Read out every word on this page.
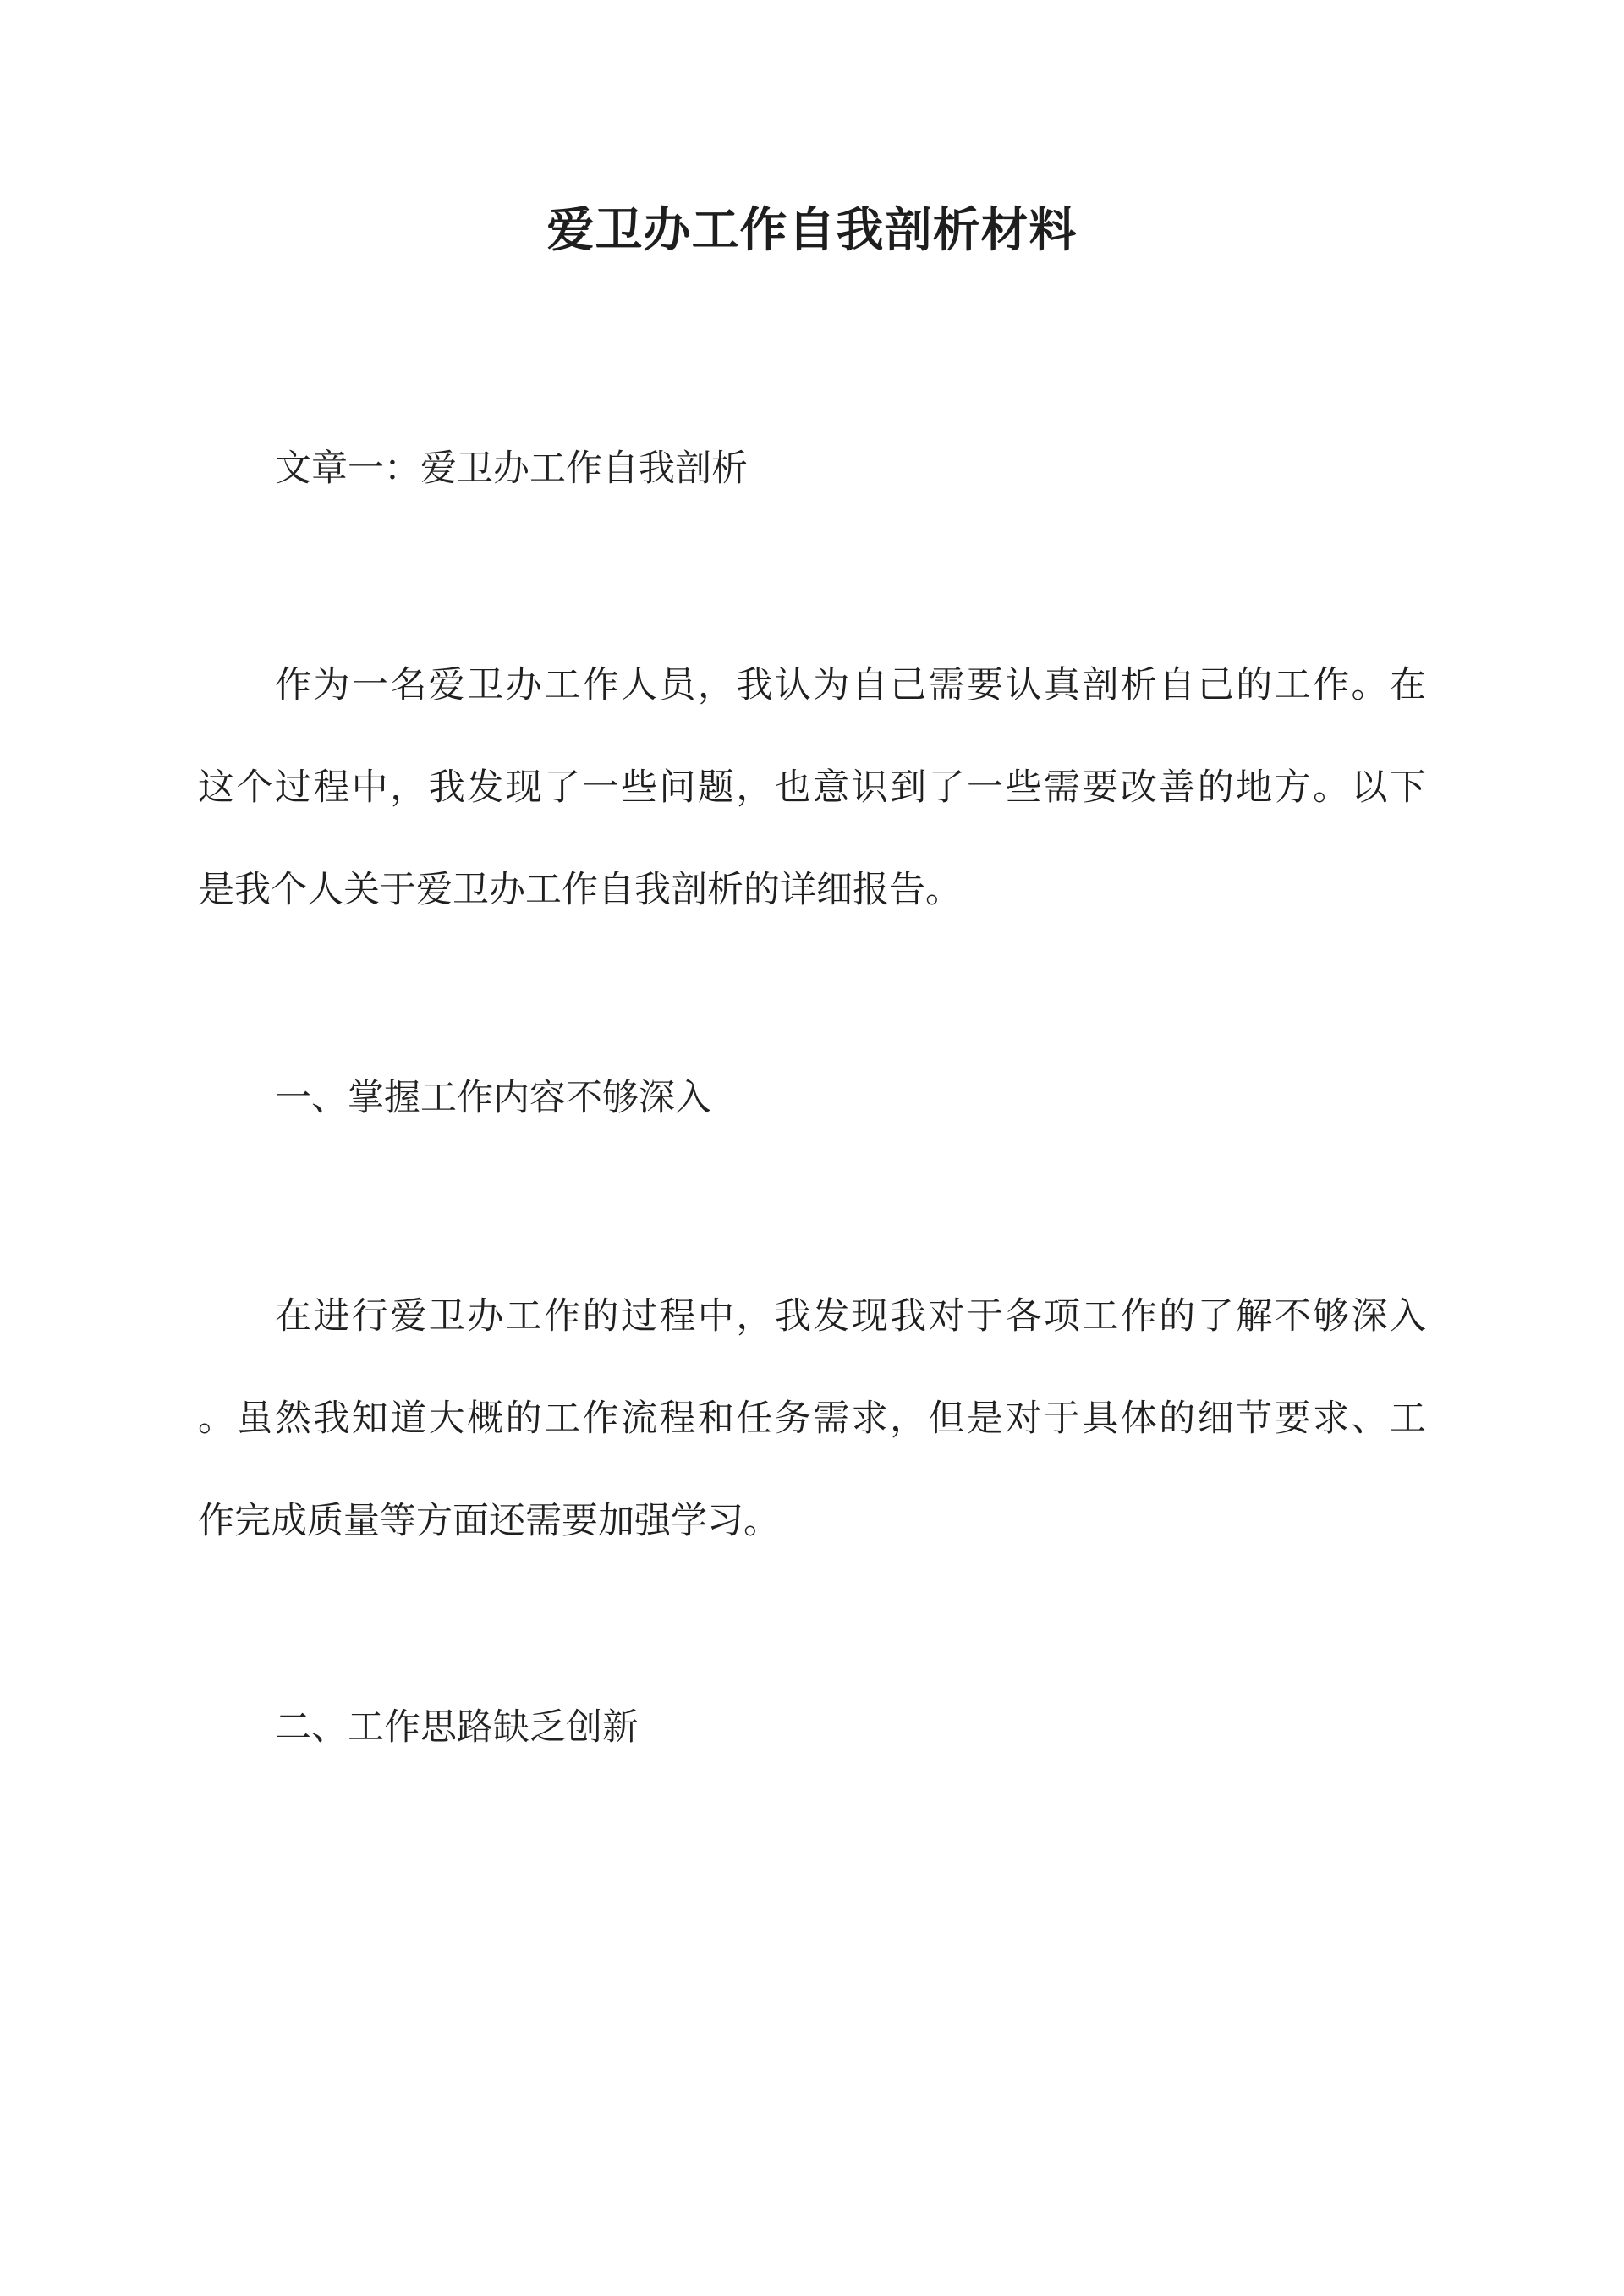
爱卫办工作自我剖析材料
文章一：爱卫办工作自我剖析
作为一名爱卫办工作人员，我认为自己需要认真剖析自己的工作。在
这个过程中，我发现了一些问题，也意识到了一些需要改善的地方。以下
是我个人关于爱卫办工作自我剖析的详细报告。
一、掌握工作内容不够深入
在进行爱卫办工作的过程中，我发现我对于各项工作的了解不够深入
。虽然我知道大概的工作流程和任务需求，但是对于具体的细节要求、工
作完成质量等方面还需要加强学习。
二、工作思路缺乏创新
